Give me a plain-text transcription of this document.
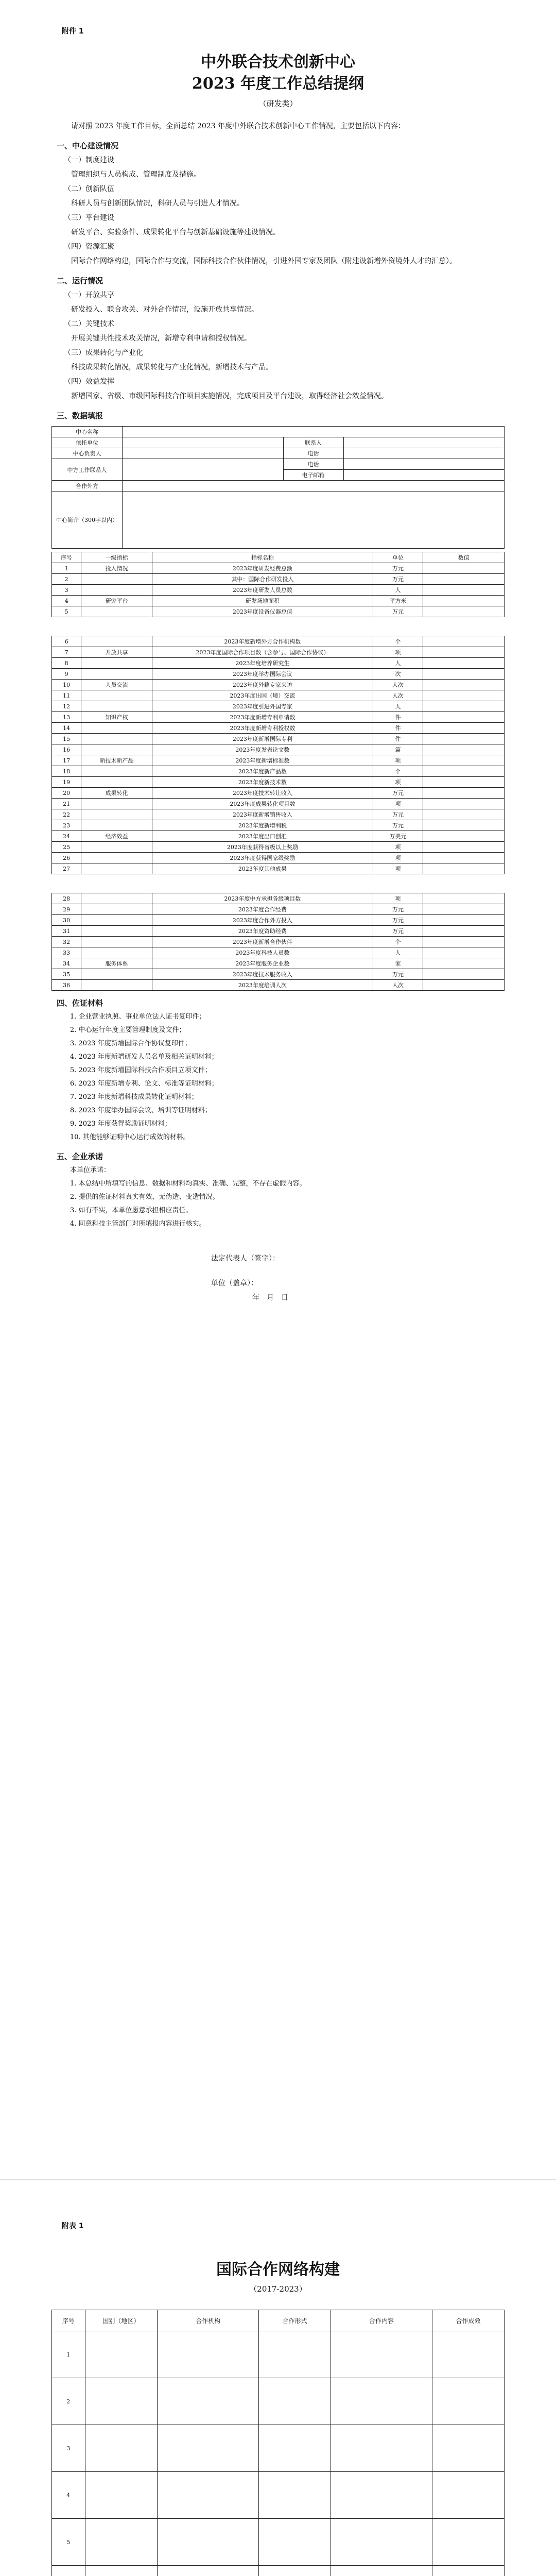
附件 1
中外联合技术创新中心
2023 年度工作总结提纲
（研发类）

请对照 2023 年度工作目标，全面总结 2023 年度中外联合技术创新中心工作情况，主要包括以下内容：

一、中心建设情况
（一）制度建设

管理组织与人员构成、管理制度及措施。

（二）创新队伍

科研人员与创新团队情况，科研人员与引进人才情况。

（三）平台建设

研发平台、实验条件、成果转化平台与创新基础设施等建设情况。

（四）资源汇聚

国际合作网络构建，国际合作与交流，国际科技合作伙伴情况，引进外国专家及团队（附建设新增外资境外人才的汇总）。

二、运行情况
（一）开放共享

研发投入、联合攻关、对外合作情况，设施开放共享情况。

（二）关键技术

开展关键共性技术攻关情况，新增专利申请和授权情况。

（三）成果转化与产业化

科技成果转化情况，成果转化与产业化情况，新增技术与产品。

（四）效益发挥

新增国家、省级、市级国际科技合作项目实施情况，完成项目及平台建设，取得经济社会效益情况。

三、数据填报
中心名称			
依托单位		联系人	
中心负责人		电话	
中方工作联系人		电话	
		电子邮箱	
合作外方			
中心简介（300字以内）			
序号	一级指标	指标名称	单位	数值
1	投入情况	2023年度研发经费总额	万元	
2		其中：国际合作研发投入	万元	
3		2023年度研发人员总数	人	
4	研究平台	研发场地面积	平方米	
5		2023年度设备仪器总值	万元	
6		2023年度新增外方合作机构数	个	
7	开放共享	2023年度国际合作项目数（含参与、国际合作协议）	项	
8		2023年度培养研究生	人	
9		2023年度举办国际会议	次	
10	人员交流	2023年度外籍专家来访	人次	
11		2023年度出国（境）交流	人次	
12		2023年度引进外国专家	人	
13	知识产权	2023年度新增专利申请数	件	
14		2023年度新增专利授权数	件	
15		2023年度新增国际专利	件	
16		2023年度发表论文数	篇	
17	新技术新产品	2023年度新增标准数	项	
18		2023年度新产品数	个	
19		2023年度新技术数	项	
20	成果转化	2023年度技术转让收入	万元	
21		2023年度成果转化项目数	项	
22		2023年度新增销售收入	万元	
23		2023年度新增利税	万元	
24	经济效益	2023年度出口创汇	万美元	
25		2023年度获得省级以上奖励	项	
26		2023年度获得国家级奖励	项	
27		2023年度其他成果	项	
28		2023年度中方承担各级项目数	项	
29		2023年度合作经费	万元	
30		2023年度合作外方投入	万元	
31		2023年度资助经费	万元	
32		2023年度新增合作伙伴	个	
33		2023年度科技人员数	人	
34	服务体系	2023年度服务企业数	家	
35		2023年度技术服务收入	万元	
36		2023年度培训人次	人次	
四、佐证材料
1. 企业营业执照、事业单位法人证书复印件；
2. 中心运行年度主要管理制度及文件；
3. 2023 年度新增国际合作协议复印件；
4. 2023 年度新增研发人员名单及相关证明材料；
5. 2023 年度新增国际科技合作项目立项文件；
6. 2023 年度新增专利、论文、标准等证明材料；
7. 2023 年度新增科技成果转化证明材料；
8. 2023 年度举办国际会议、培训等证明材料；
9. 2023 年度获得奖励证明材料；
10. 其他能够证明中心运行成效的材料。
五、企业承诺
本单位承诺：
1. 本总结中所填写的信息、数据和材料均真实、准确、完整，不存在虚假内容。
2. 提供的佐证材料真实有效，无伪造、变造情况。
3. 如有不实，本单位愿意承担相应责任。
4. 同意科技主管部门对所填报内容进行核实。
法定代表人（签字）：
单位（盖章）：
年　月　日
附表 1
国际合作网络构建
（2017-2023）
序号	国别（地区）	合作机构	合作形式	合作内容	合作成效
1					
2					
3					
4					
5					
